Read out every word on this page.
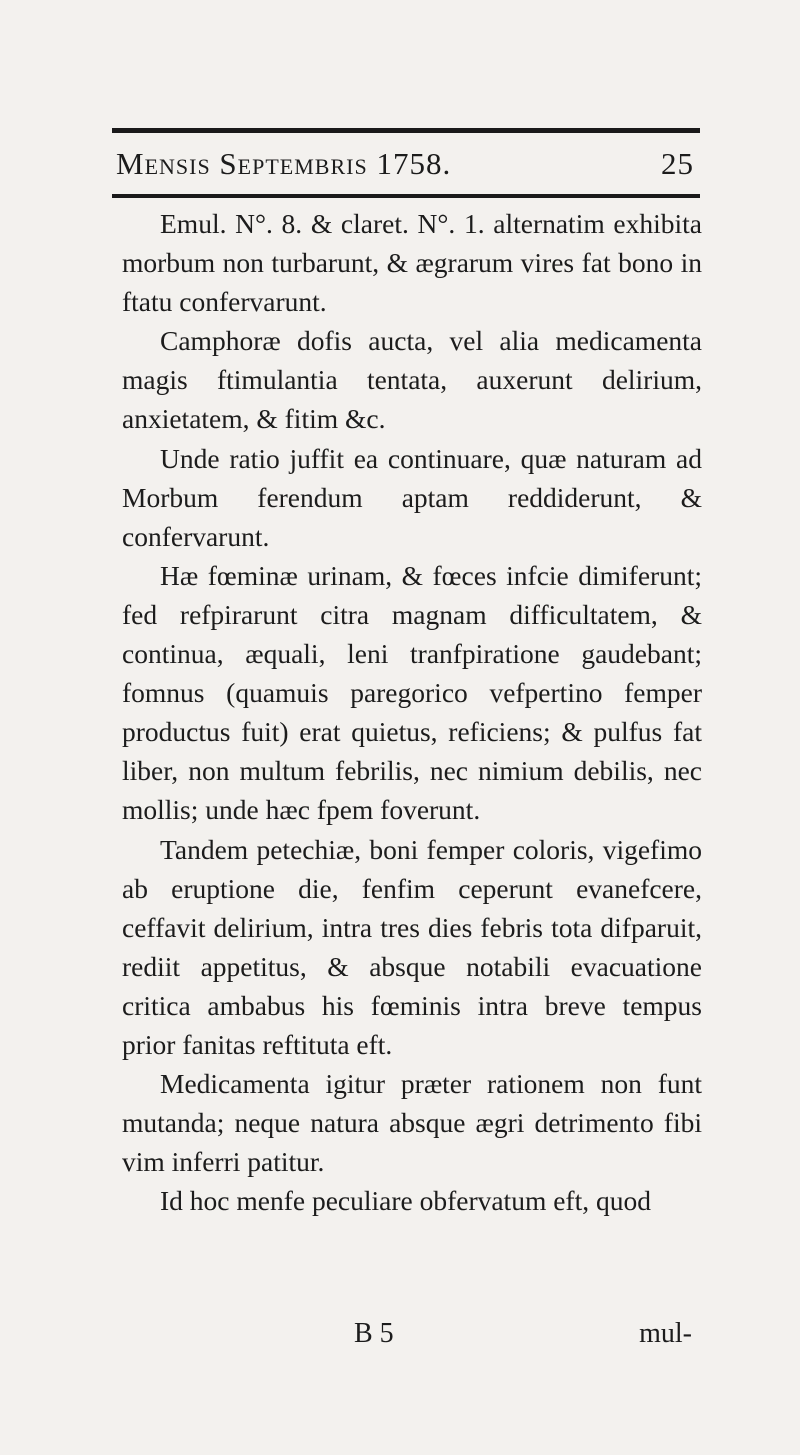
Mensis Septembris 1758.	25

Emul. N°. 8. & claret. N°. 1. alternatim exhibita morbum non turbarunt, & ægrarum vires fat bono in ftatu confervarunt.

Camphoræ dofis aucta, vel alia medicamenta magis ftimulantia tentata, auxerunt delirium, anxietatem, & fitim &c.

Unde ratio juffit ea continuare, quæ naturam ad Morbum ferendum aptam reddiderunt, & confervarunt.

Hæ fœminæ urinam, & fœces infcie dimiferunt; fed refpirarunt citra magnam difficultatem, & continua, æquali, leni tranfpiratione gaudebant; fomnus (quamuis paregorico vefpertino femper productus fuit) erat quietus, reficiens; & pulfus fat liber, non multum febrilis, nec nimium debilis, nec mollis; unde hæc fpem foverunt.

Tandem petechiæ, boni femper coloris, vigefimo ab eruptione die, fenfim ceperunt evanefcere, ceffavit delirium, intra tres dies febris tota difparuit, rediit appetitus, & absque notabili evacuatione critica ambabus his fœminis intra breve tempus prior fanitas reftituta eft.

Medicamenta igitur præter rationem non funt mutanda; neque natura absque ægri detrimento fibi vim inferri patitur.

Id hoc menfe peculiare obfervatum eft, quod

B 5	mul-
